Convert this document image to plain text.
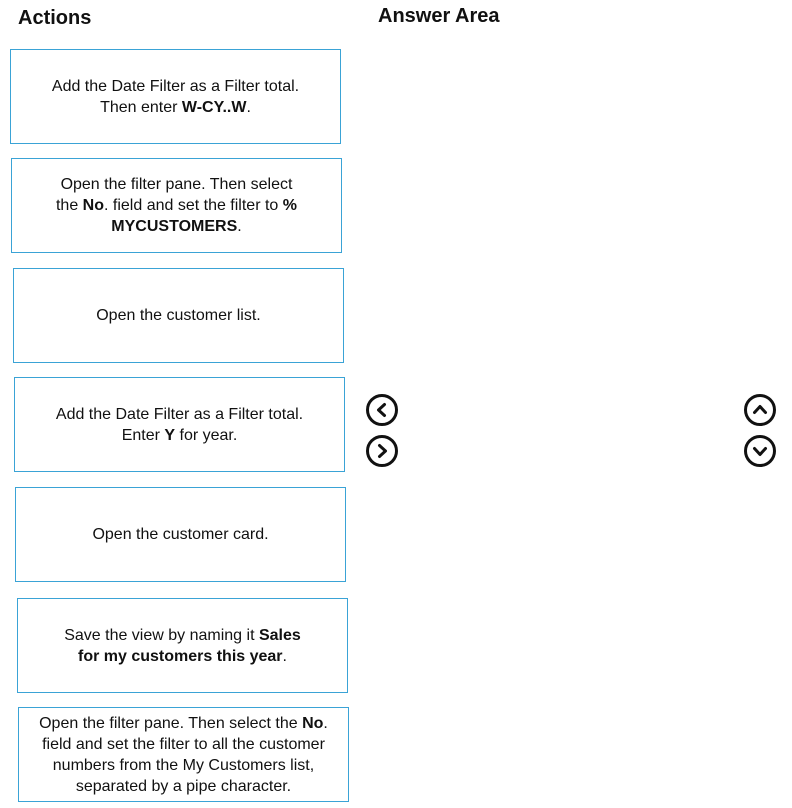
Actions	Answer Area
Add the Date Filter as a Filter total.
Then enter W-CY..W.
Open the filter pane. Then select
the No. field and set the filter to %
MYCUSTOMERS.
Open the customer list.
Add the Date Filter as a Filter total.
Enter Y for year.
Open the customer card.
Save the view by naming it Sales
for my customers this year.
Open the filter pane. Then select the No.
field and set the filter to all the customer
numbers from the My Customers list,
separated by a pipe character.
